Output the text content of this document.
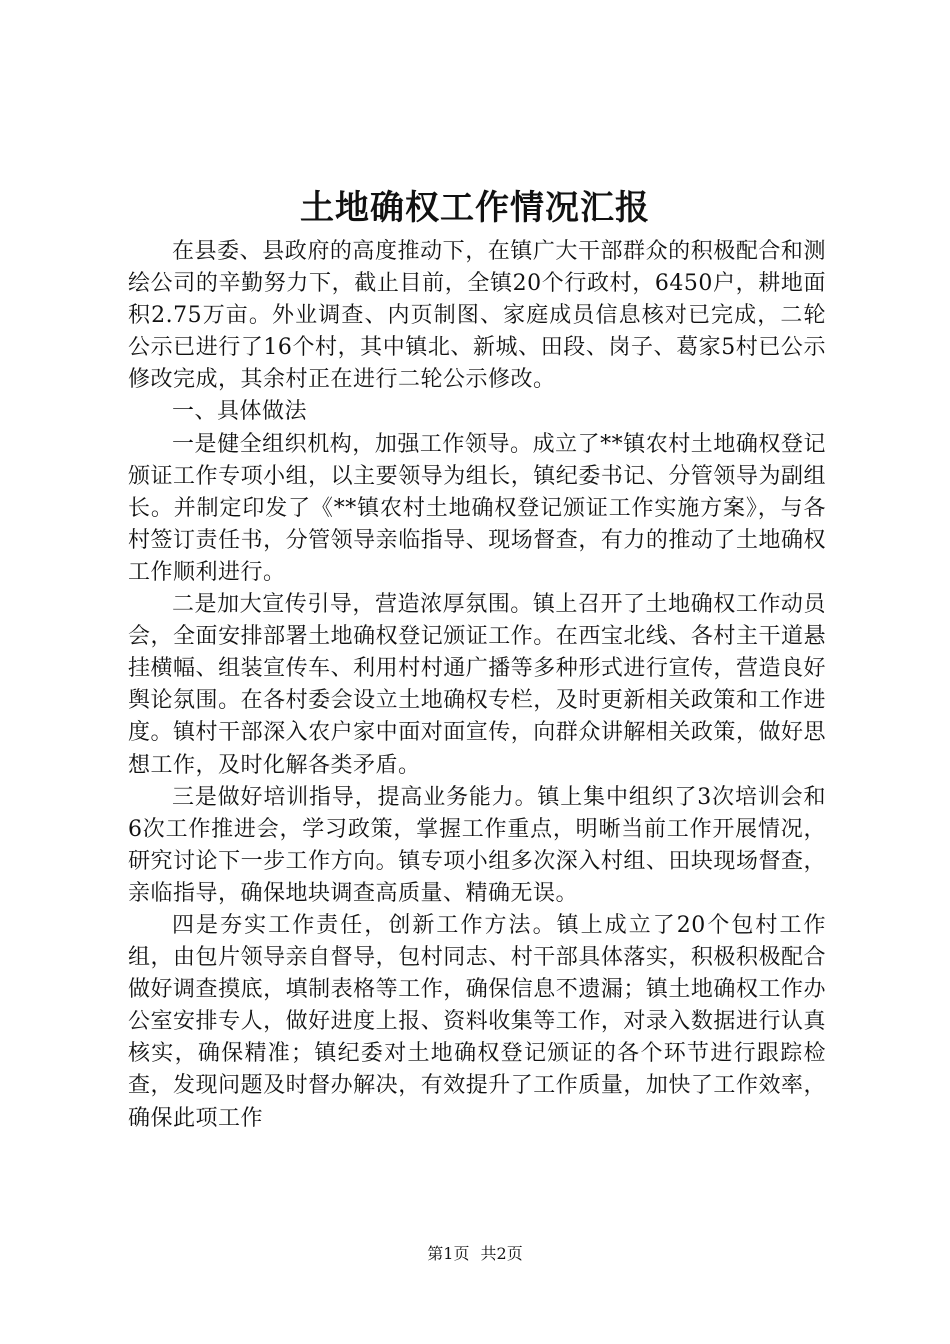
土地确权工作情况汇报

在县委、县政府的高度推动下，在镇广大干部群众的积极配合和测绘公司的辛勤努力下，截止目前，全镇20个行政村，6450户，耕地面积2.75万亩。外业调查、内页制图、家庭成员信息核对已完成，二轮公示已进行了16个村，其中镇北、新城、田段、岗子、葛家5村已公示修改完成，其余村正在进行二轮公示修改。

一、具体做法

一是健全组织机构，加强工作领导。成立了**镇农村土地确权登记颁证工作专项小组，以主要领导为组长，镇纪委书记、分管领导为副组长。并制定印发了《**镇农村土地确权登记颁证工作实施方案》，与各村签订责任书，分管领导亲临指导、现场督查，有力的推动了土地确权工作顺利进行。

二是加大宣传引导，营造浓厚氛围。镇上召开了土地确权工作动员会，全面安排部署土地确权登记颁证工作。在西宝北线、各村主干道悬挂横幅、组装宣传车、利用村村通广播等多种形式进行宣传，营造良好舆论氛围。在各村委会设立土地确权专栏，及时更新相关政策和工作进度。镇村干部深入农户家中面对面宣传，向群众讲解相关政策，做好思想工作，及时化解各类矛盾。

三是做好培训指导，提高业务能力。镇上集中组织了3次培训会和6次工作推进会，学习政策，掌握工作重点，明晰当前工作开展情况，研究讨论下一步工作方向。镇专项小组多次深入村组、田块现场督查，亲临指导，确保地块调查高质量、精确无误。

四是夯实工作责任，创新工作方法。镇上成立了20个包村工作组，由包片领导亲自督导，包村同志、村干部具体落实，积极积极配合做好调查摸底，填制表格等工作，确保信息不遗漏；镇土地确权工作办公室安排专人，做好进度上报、资料收集等工作，对录入数据进行认真核实，确保精准；镇纪委对土地确权登记颁证的各个环节进行跟踪检查，发现问题及时督办解决，有效提升了工作质量，加快了工作效率，确保此项工作

第1页 共2页
